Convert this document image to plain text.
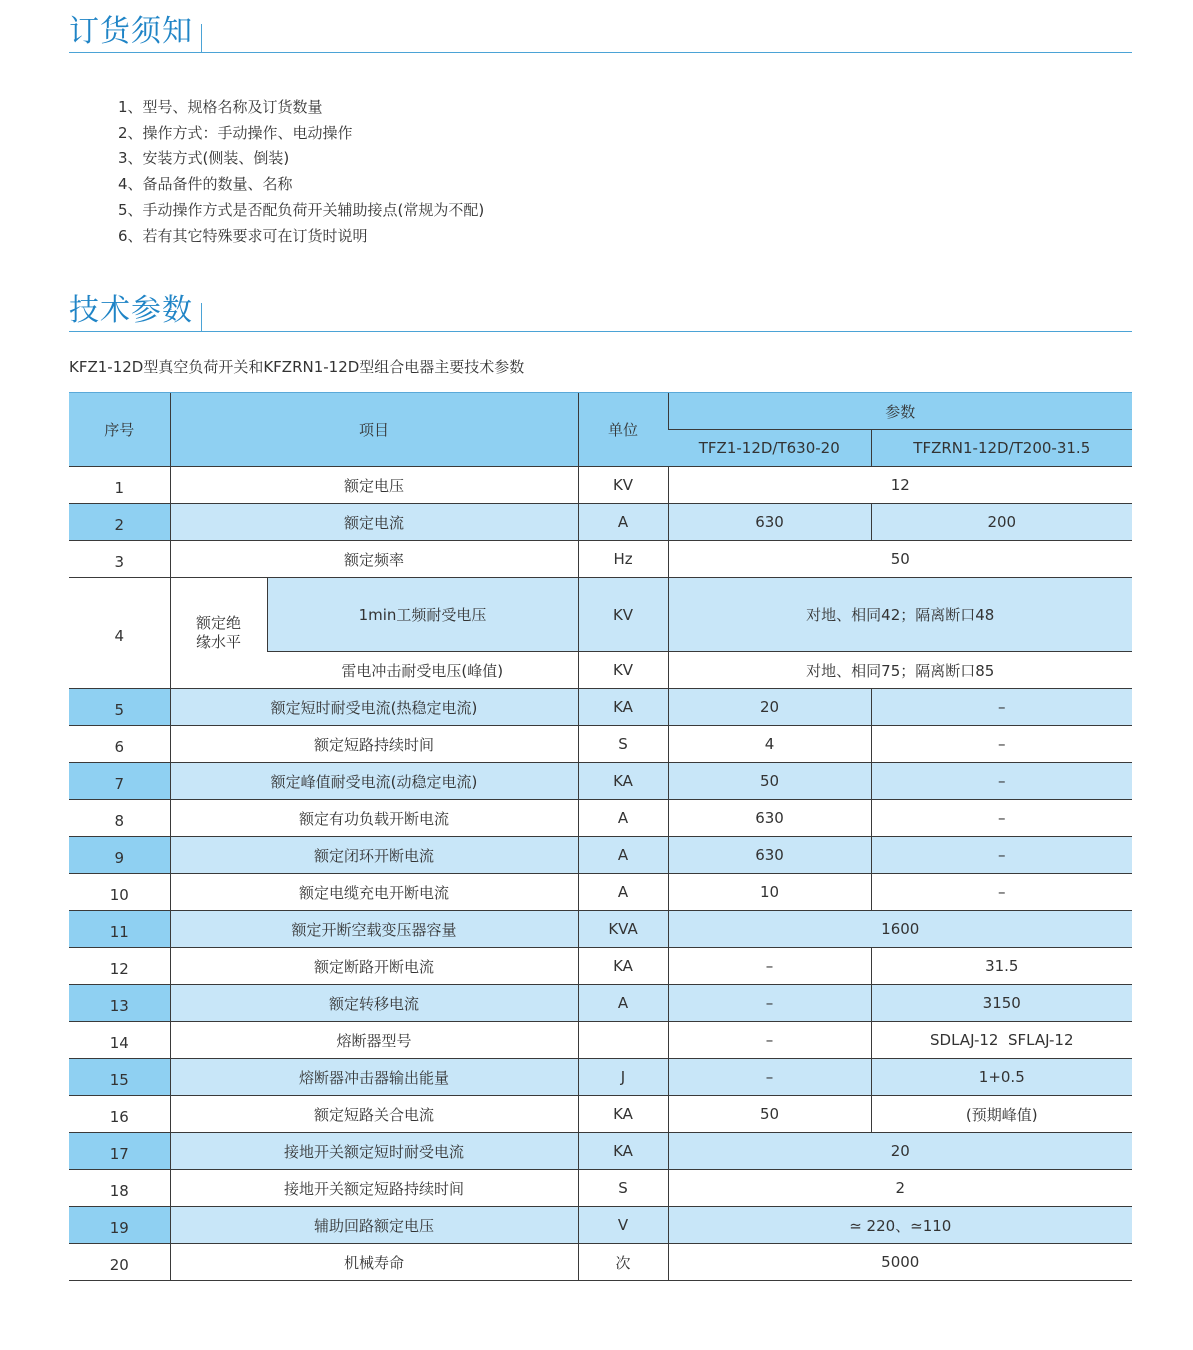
订货须知
1、型号、规格名称及订货数量
2、操作方式：手动操作、电动操作
3、安装方式(侧装、倒装)
4、备品备件的数量、名称
5、手动操作方式是否配负荷开关辅助接点(常规为不配)
6、若有其它特殊要求可在订货时说明
技术参数
KFZ1-12D型真空负荷开关和KFZRN1-12D型组合电器主要技术参数
序号	项目		单位	参数	
				TFZ1-12D/T630-20	TFZRN1-12D/T200-31.5
1	额定电压		KV	12	
2	额定电流		A	630	200
3	额定频率		Hz	50	
4	额定绝缘水平	1min工频耐受电压	KV	对地、相同42；隔离断口48	
		雷电冲击耐受电压(峰值)	KV	对地、相同75；隔离断口85	
5	额定短时耐受电流(热稳定电流)		KA	20	–
6	额定短路持续时间		S	4	–
7	额定峰值耐受电流(动稳定电流)		KA	50	–
8	额定有功负载开断电流		A	630	–
9	额定闭环开断电流		A	630	–
10	额定电缆充电开断电流		A	10	–
11	额定开断空载变压器容量		KVA	1600	
12	额定断路开断电流		KA	–	31.5
13	额定转移电流		A	–	3150
14	熔断器型号			–	SDLAJ-12  SFLAJ-12
15	熔断器冲击器输出能量		J	–	1+0.5
16	额定短路关合电流		KA	50	(预期峰值)
17	接地开关额定短时耐受电流		KA	20	
18	接地开关额定短路持续时间		S	2	
19	辅助回路额定电压		V	≃ 220、≃110	
20	机械寿命		次	5000	
